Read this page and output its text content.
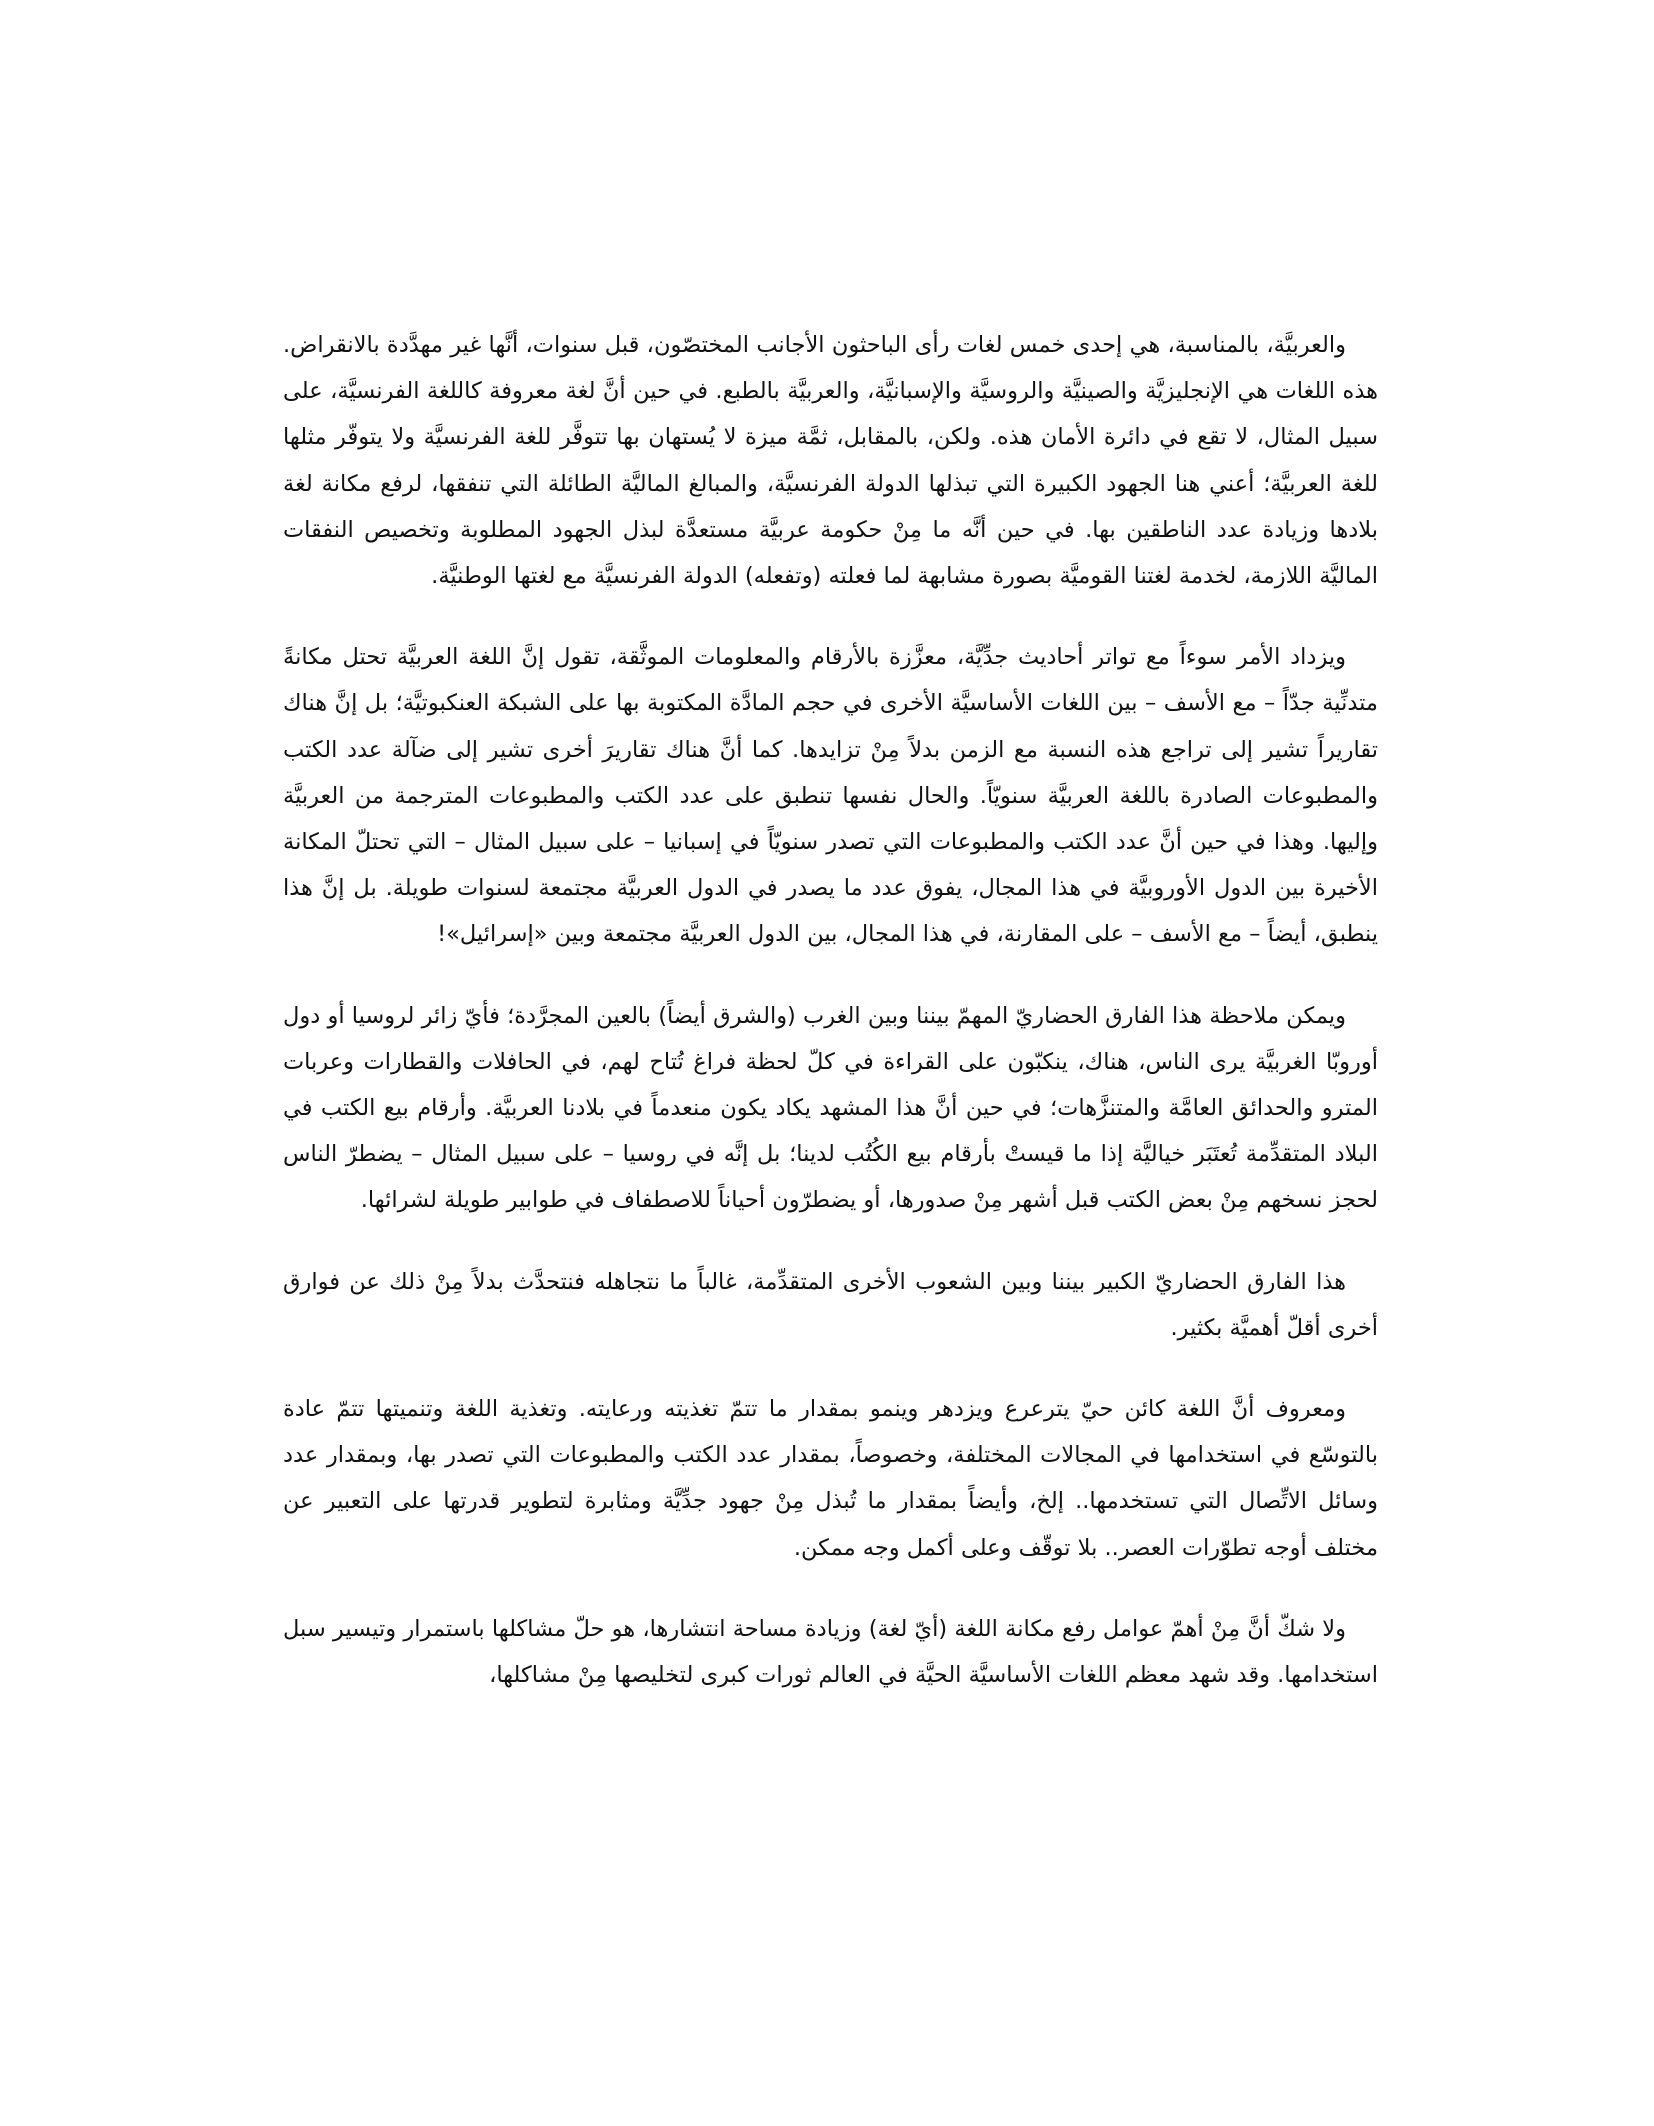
والعربيَّة، بالمناسبة، هي إحدى خمس لغات رأى الباحثون الأجانب المختصّون، قبل سنوات، أنَّها غير مهدَّدة بالانقراض. هذه اللغات هي الإنجليزيَّة والصينيَّة والروسيَّة والإسبانيَّة، والعربيَّة بالطبع. في حين أنَّ لغة معروفة كاللغة الفرنسيَّة، على سبيل المثال، لا تقع في دائرة الأمان هذه. ولكن، بالمقابل، ثمَّة ميزة لا يُستهان بها تتوفَّر للغة الفرنسيَّة ولا يتوفّر مثلها للغة العربيَّة؛ أعني هنا الجهود الكبيرة التي تبذلها الدولة الفرنسيَّة، والمبالغ الماليَّة الطائلة التي تنفقها، لرفع مكانة لغة بلادها وزيادة عدد الناطقين بها. في حين أنَّه ما مِنْ حكومة عربيَّة مستعدَّة لبذل الجهود المطلوبة وتخصيص النفقات الماليَّة اللازمة، لخدمة لغتنا القوميَّة بصورة مشابهة لما فعلته (وتفعله) الدولة الفرنسيَّة مع لغتها الوطنيَّة.

ويزداد الأمر سوءاً مع تواتر أحاديث جدِّيَّة، معزَّزة بالأرقام والمعلومات الموثَّقة، تقول إنَّ اللغة العربيَّة تحتل مكانةً متدنِّية جدّاً – مع الأسف – بين اللغات الأساسيَّة الأخرى في حجم المادَّة المكتوبة بها على الشبكة العنكبوتيَّة؛ بل إنَّ هناك تقاريراً تشير إلى تراجع هذه النسبة مع الزمن بدلاً مِنْ تزايدها. كما أنَّ هناك تقاريرَ أخرى تشير إلى ضآلة عدد الكتب والمطبوعات الصادرة باللغة العربيَّة سنويّاً. والحال نفسها تنطبق على عدد الكتب والمطبوعات المترجمة من العربيَّة وإليها. وهذا في حين أنَّ عدد الكتب والمطبوعات التي تصدر سنويّاً في إسبانيا – على سبيل المثال – التي تحتلّ المكانة الأخيرة بين الدول الأوروبيَّة في هذا المجال، يفوق عدد ما يصدر في الدول العربيَّة مجتمعة لسنوات طويلة. بل إنَّ هذا ينطبق، أيضاً – مع الأسف – على المقارنة، في هذا المجال، بين الدول العربيَّة مجتمعة وبين «إسرائيل»!

ويمكن ملاحظة هذا الفارق الحضاريّ المهمّ بيننا وبين الغرب (والشرق أيضاً) بالعين المجرَّدة؛ فأيّ زائر لروسيا أو دول أوروبّا الغربيَّة يرى الناس، هناك، ينكبّون على القراءة في كلّ لحظة فراغ تُتاح لهم، في الحافلات والقطارات وعربات المترو والحدائق العامَّة والمتنزَّهات؛ في حين أنَّ هذا المشهد يكاد يكون منعدماً في بلادنا العربيَّة. وأرقام بيع الكتب في البلاد المتقدِّمة تُعتَبَر خياليَّة إذا ما قيستْ بأرقام بيع الكُتُب لدينا؛ بل إنَّه في روسيا – على سبيل المثال – يضطرّ الناس لحجز نسخهم مِنْ بعض الكتب قبل أشهر مِنْ صدورها، أو يضطرّون أحياناً للاصطفاف في طوابير طويلة لشرائها.

هذا الفارق الحضاريّ الكبير بيننا وبين الشعوب الأخرى المتقدِّمة، غالباً ما نتجاهله فنتحدَّث بدلاً مِنْ ذلك عن فوارق أخرى أقلّ أهميَّة بكثير.

ومعروف أنَّ اللغة كائن حيّ يترعرع ويزدهر وينمو بمقدار ما تتمّ تغذيته ورعايته. وتغذية اللغة وتنميتها تتمّ عادة بالتوسّع في استخدامها في المجالات المختلفة، وخصوصاً، بمقدار عدد الكتب والمطبوعات التي تصدر بها، وبمقدار عدد وسائل الاتِّصال التي تستخدمها.. إلخ، وأيضاً بمقدار ما تُبذل مِنْ جهود جدِّيَّة ومثابرة لتطوير قدرتها على التعبير عن مختلف أوجه تطوّرات العصر.. بلا توقّف وعلى أكمل وجه ممكن.

ولا شكّ أنَّ مِنْ أهمّ عوامل رفع مكانة اللغة (أيّ لغة) وزيادة مساحة انتشارها، هو حلّ مشاكلها باستمرار وتيسير سبل استخدامها. وقد شهد معظم اللغات الأساسيَّة الحيَّة في العالم ثورات كبرى لتخليصها مِنْ مشاكلها،
